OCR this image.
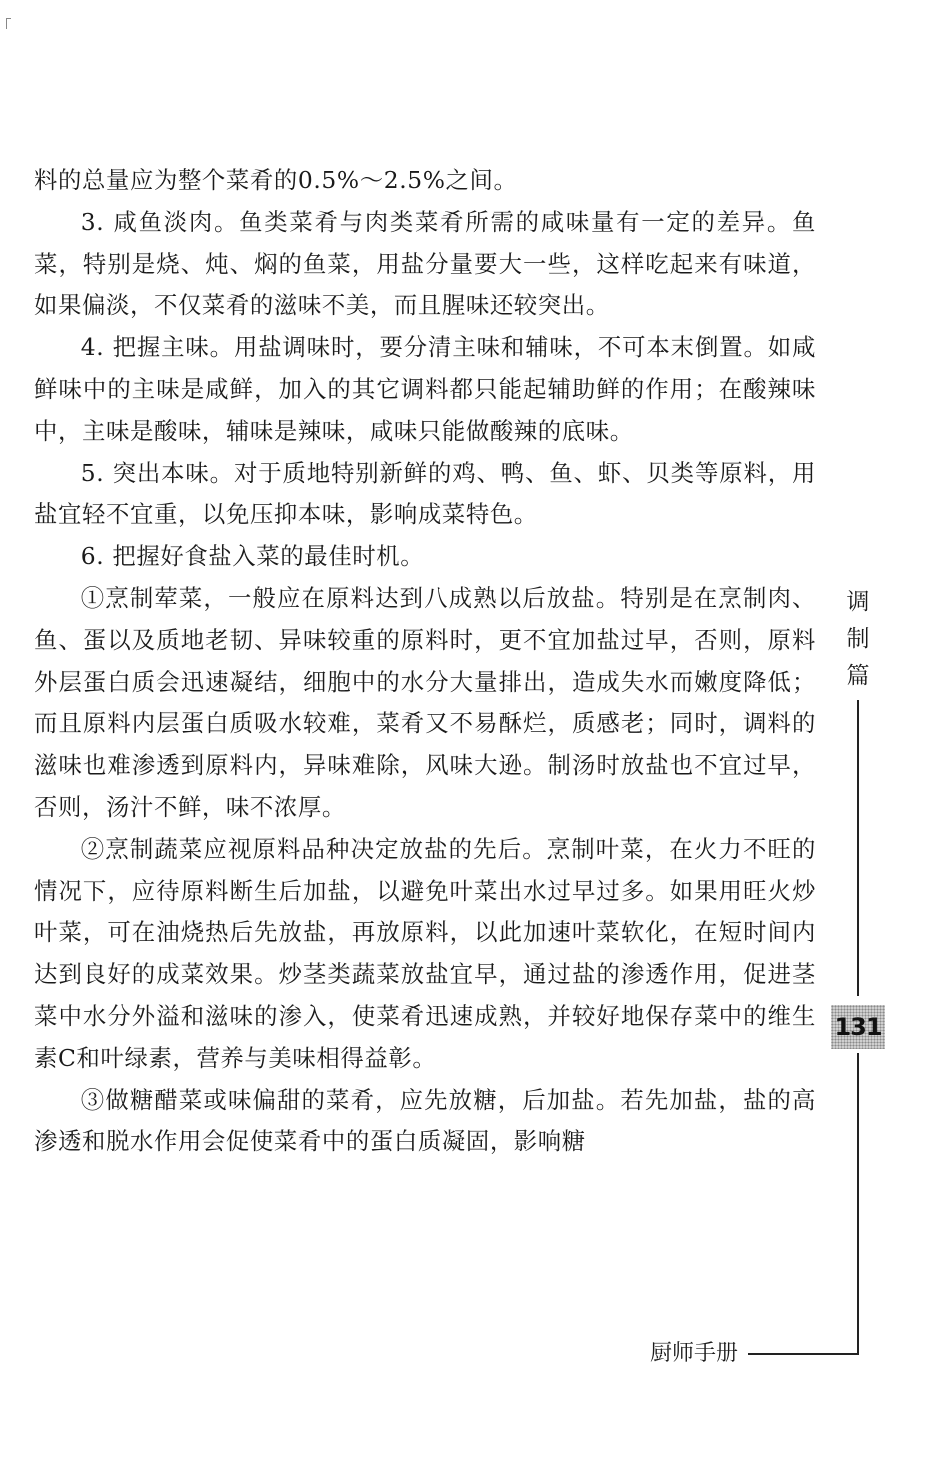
料的总量应为整个菜肴的0.5%～2.5%之间。

3. 咸鱼淡肉。鱼类菜肴与肉类菜肴所需的咸味量有一定的差异。鱼菜，特别是烧、炖、焖的鱼菜，用盐分量要大一些，这样吃起来有味道，如果偏淡，不仅菜肴的滋味不美，而且腥味还较突出。

4. 把握主味。用盐调味时，要分清主味和辅味，不可本末倒置。如咸鲜味中的主味是咸鲜，加入的其它调料都只能起辅助鲜的作用；在酸辣味中，主味是酸味，辅味是辣味，咸味只能做酸辣的底味。

5. 突出本味。对于质地特别新鲜的鸡、鸭、鱼、虾、贝类等原料，用盐宜轻不宜重，以免压抑本味，影响成菜特色。

6. 把握好食盐入菜的最佳时机。

①烹制荤菜，一般应在原料达到八成熟以后放盐。特别是在烹制肉、鱼、蛋以及质地老韧、异味较重的原料时，更不宜加盐过早，否则，原料外层蛋白质会迅速凝结，细胞中的水分大量排出，造成失水而嫩度降低；而且原料内层蛋白质吸水较难，菜肴又不易酥烂，质感老；同时，调料的滋味也难渗透到原料内，异味难除，风味大逊。制汤时放盐也不宜过早，否则，汤汁不鲜，味不浓厚。

②烹制蔬菜应视原料品种决定放盐的先后。烹制叶菜，在火力不旺的情况下，应待原料断生后加盐，以避免叶菜出水过早过多。如果用旺火炒叶菜，可在油烧热后先放盐，再放原料，以此加速叶菜软化，在短时间内达到良好的成菜效果。炒茎类蔬菜放盐宜早，通过盐的渗透作用，促进茎菜中水分外溢和滋味的渗入，使菜肴迅速成熟，并较好地保存菜中的维生素C和叶绿素，营养与美味相得益彰。

③做糖醋菜或味偏甜的菜肴，应先放糖，后加盐。若先加盐，盐的高渗透和脱水作用会促使菜肴中的蛋白质凝固，影响糖

调
制
篇
131
厨师手册
